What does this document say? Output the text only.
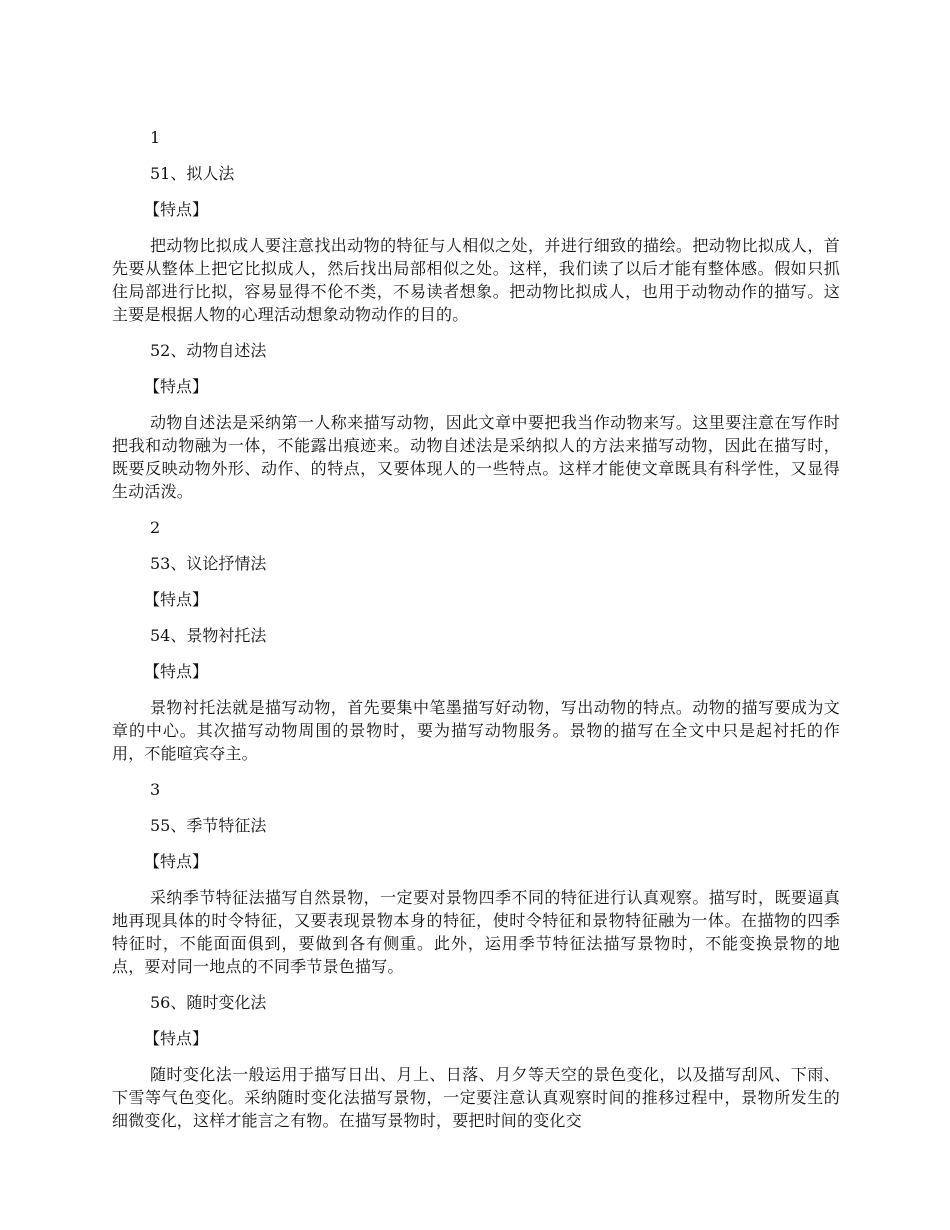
1

51、拟人法

【特点】

把动物比拟成人要注意找出动物的特征与人相似之处，并进行细致的描绘。把动物比拟成人，首先要从整体上把它比拟成人，然后找出局部相似之处。这样，我们读了以后才能有整体感。假如只抓住局部进行比拟，容易显得不伦不类，不易读者想象。把动物比拟成人，也用于动物动作的描写。这主要是根据人物的心理活动想象动物动作的目的。

52、动物自述法

【特点】

动物自述法是采纳第一人称来描写动物，因此文章中要把我当作动物来写。这里要注意在写作时把我和动物融为一体，不能露出痕迹来。动物自述法是采纳拟人的方法来描写动物，因此在描写时，既要反映动物外形、动作、的特点，又要体现人的一些特点。这样才能使文章既具有科学性，又显得生动活泼。

2

53、议论抒情法

【特点】

54、景物衬托法

【特点】

景物衬托法就是描写动物，首先要集中笔墨描写好动物，写出动物的特点。动物的描写要成为文章的中心。其次描写动物周围的景物时，要为描写动物服务。景物的描写在全文中只是起衬托的作用，不能喧宾夺主。

3

55、季节特征法

【特点】

采纳季节特征法描写自然景物，一定要对景物四季不同的特征进行认真观察。描写时，既要逼真地再现具体的时令特征，又要表现景物本身的特征，使时令特征和景物特征融为一体。在描物的四季特征时，不能面面俱到，要做到各有侧重。此外，运用季节特征法描写景物时，不能变换景物的地点，要对同一地点的不同季节景色描写。

56、随时变化法

【特点】

随时变化法一般运用于描写日出、月上、日落、月夕等天空的景色变化，以及描写刮风、下雨、下雪等气色变化。采纳随时变化法描写景物，一定要注意认真观察时间的推移过程中，景物所发生的细微变化，这样才能言之有物。在描写景物时，要把时间的变化交
